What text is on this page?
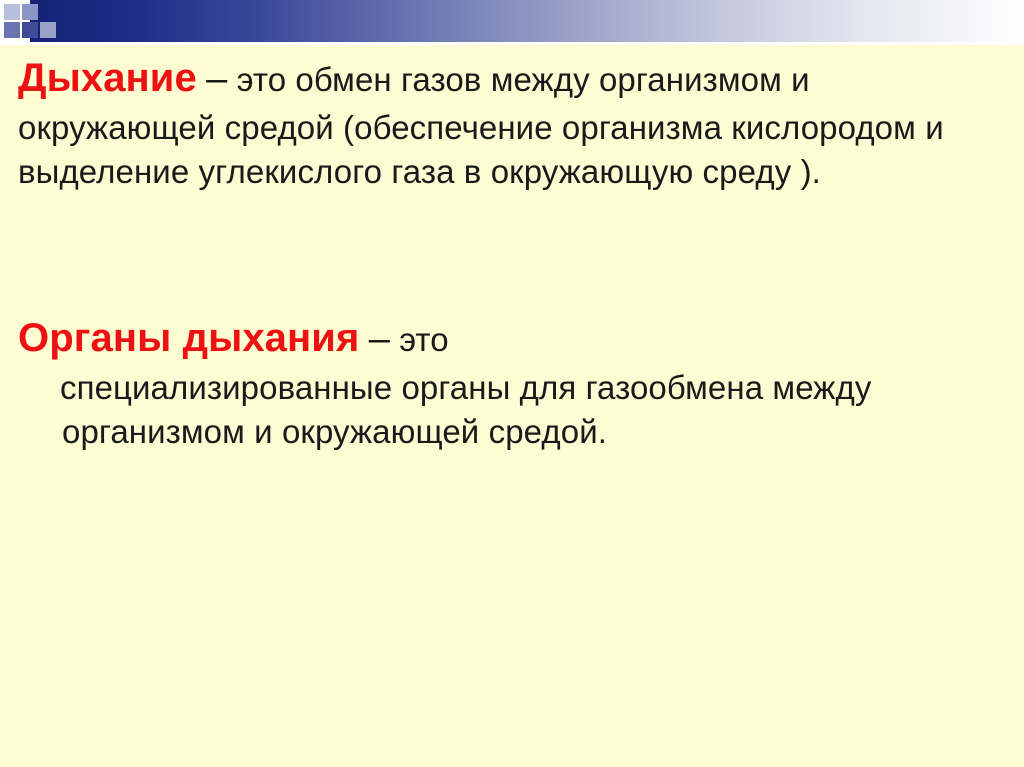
Дыхание – это обмен газов между организмом и окружающей средой (обеспечение организма кислородом и выделение углекислого газа в окружающую среду ).

Органы дыхания – это
специализированные органы для газообмена между организмом и окружающей средой.
